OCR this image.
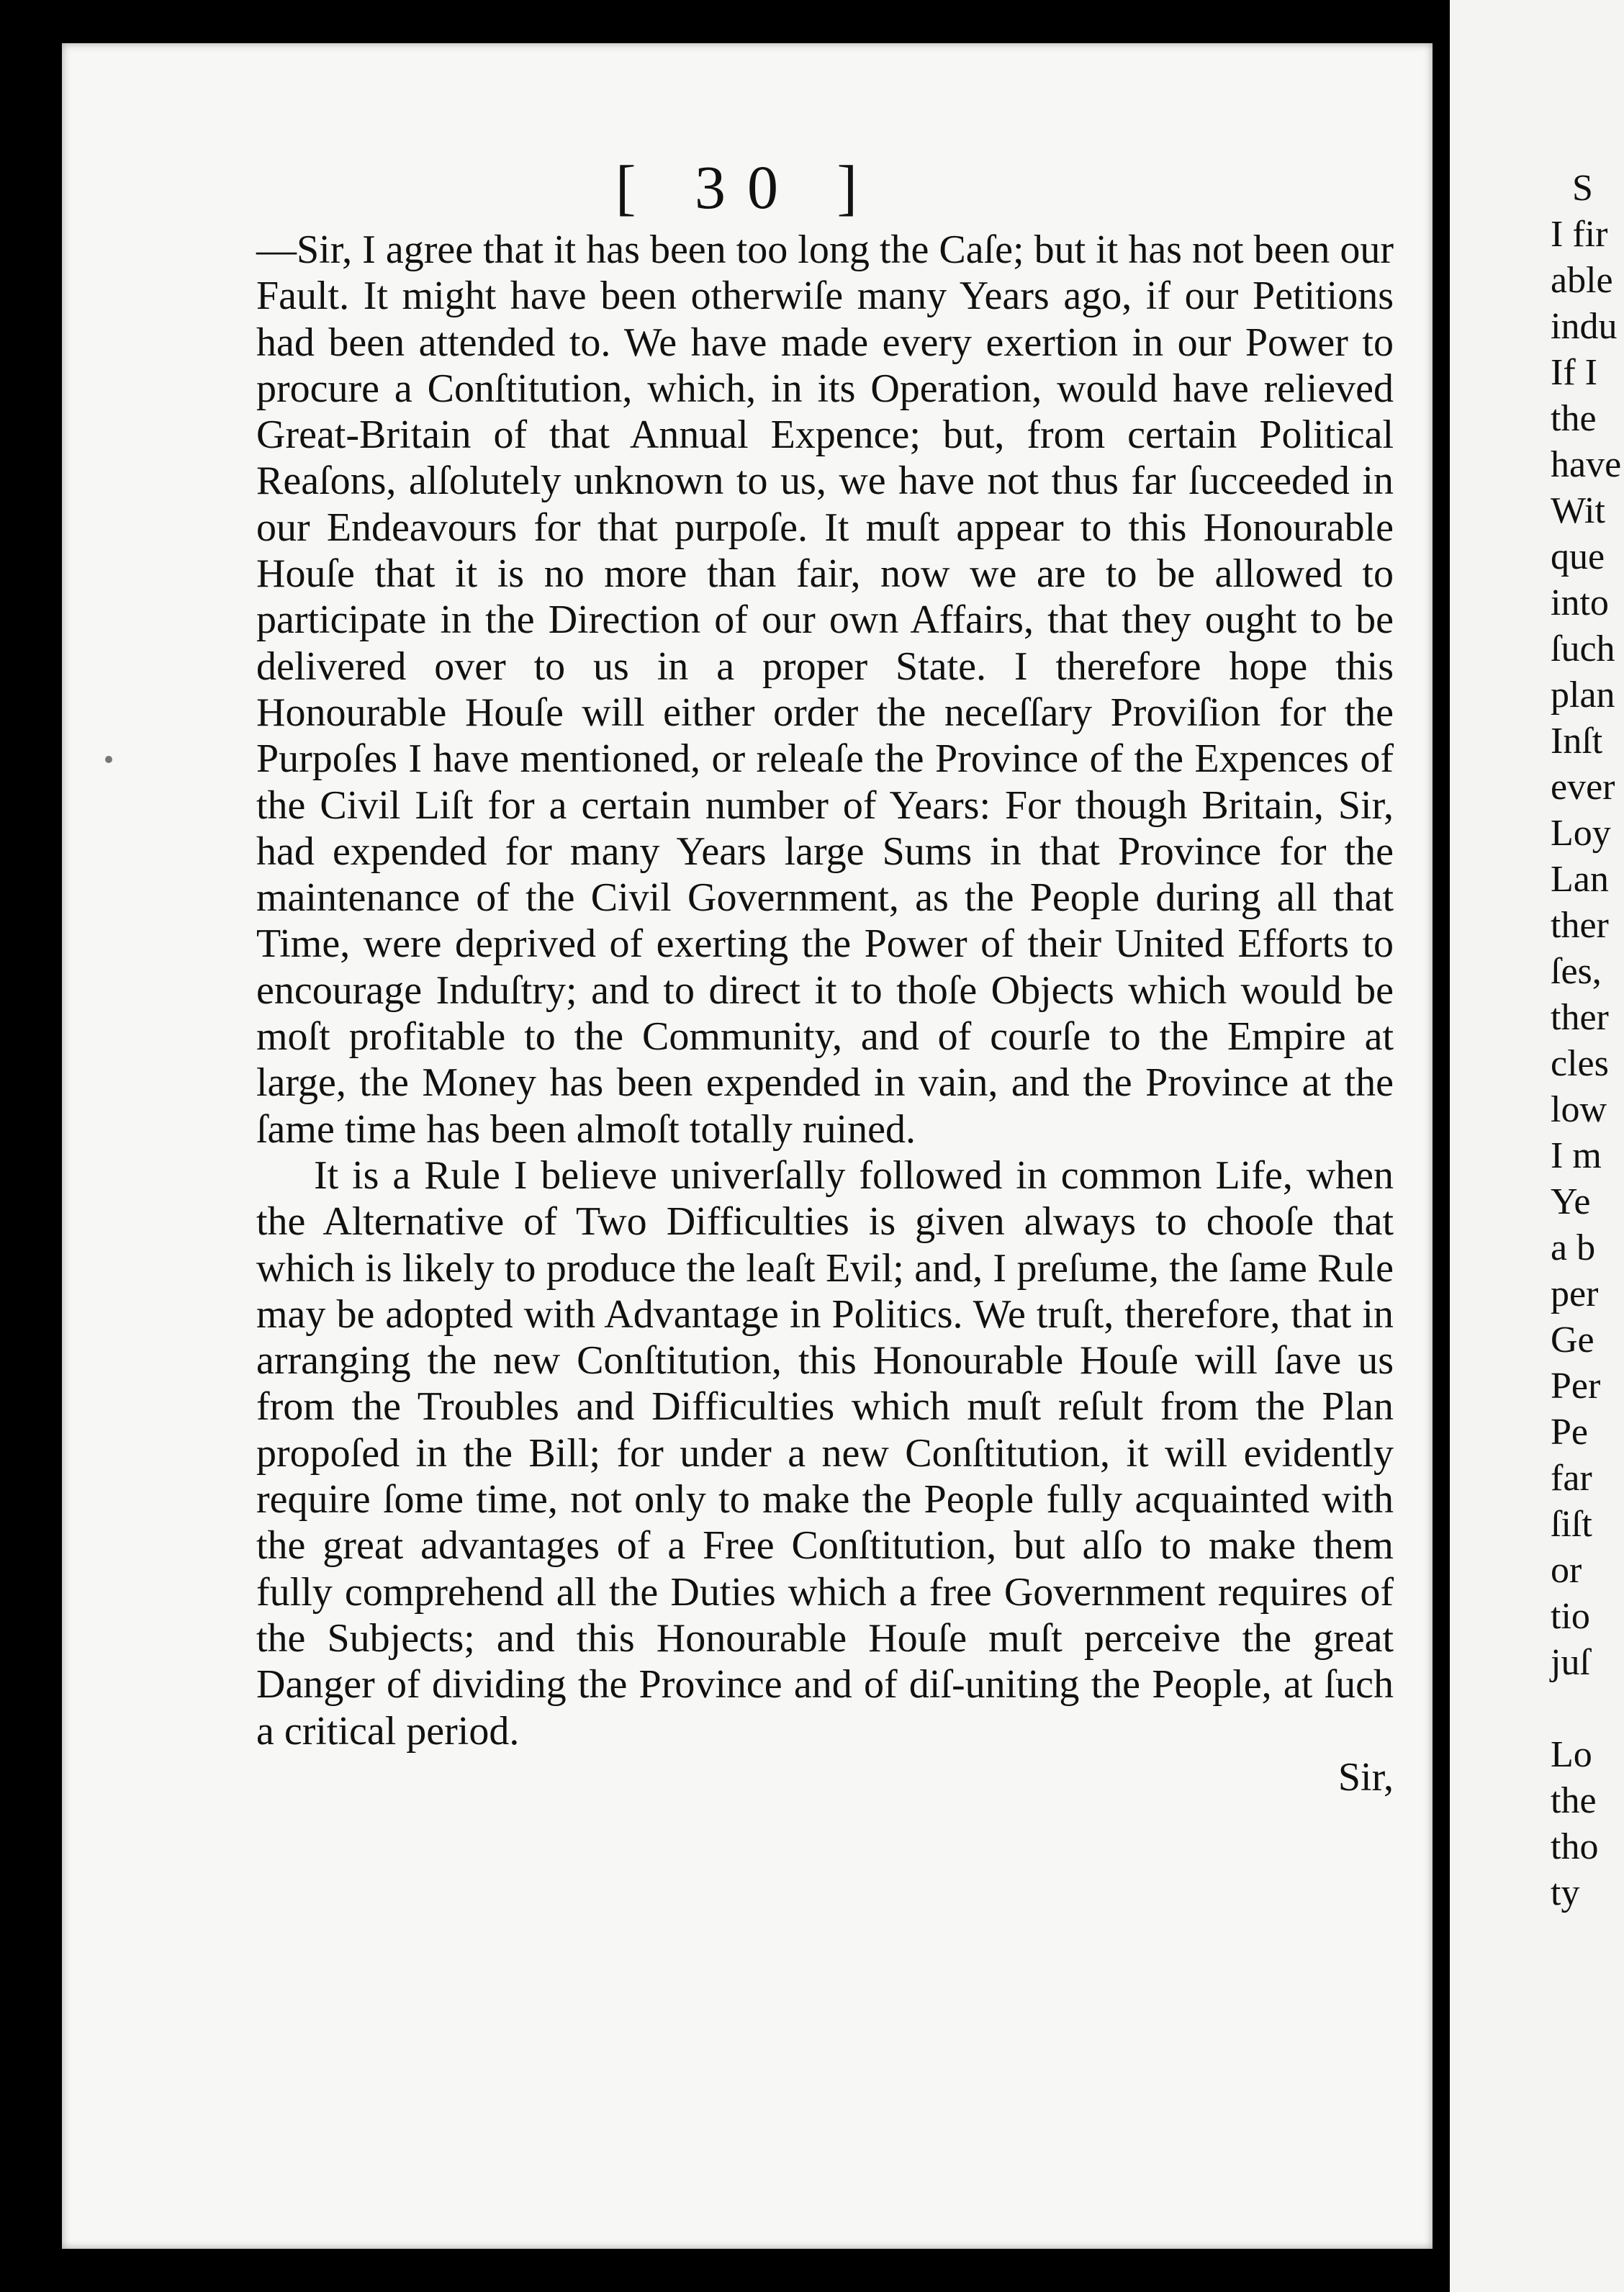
[ 30 ]

—Sir, I agree that it has been too long the Caſe; but it has not been our Fault. It might have been otherwiſe many Years ago, if our Petitions had been attended to. We have made every exertion in our Power to procure a Conſtitution, which, in its Operation, would have relieved Great-Britain of that Annual Expence; but, from certain Political Reaſons, alſolutely unknown to us, we have not thus far ſucceeded in our Endeavours for that purpoſe. It muſt appear to this Honourable Houſe that it is no more than fair, now we are to be allowed to participate in the Direction of our own Affairs, that they ought to be delivered over to us in a proper State. I therefore hope this Honourable Houſe will either order the neceſſary Proviſion for the Purpoſes I have mentioned, or releaſe the Province of the Expences of the Civil Liſt for a certain number of Years: For though Britain, Sir, had expended for many Years large Sums in that Province for the maintenance of the Civil Government, as the People during all that Time, were deprived of exerting the Power of their United Efforts to encourage Induſtry; and to direct it to thoſe Objects which would be moſt profitable to the Community, and of courſe to the Empire at large, the Money has been expended in vain, and the Province at the ſame time has been almoſt totally ruined.

It is a Rule I believe univerſally followed in common Life, when the Alternative of Two Difficulties is given always to chooſe that which is likely to produce the leaſt Evil; and, I preſume, the ſame Rule may be adopted with Advantage in Politics. We truſt, therefore, that in arranging the new Conſtitution, this Honourable Houſe will ſave us from the Troubles and Difficulties which muſt reſult from the Plan propoſed in the Bill; for under a new Conſtitution, it will evidently require ſome time, not only to make the People fully acquainted with the great advantages of a Free Conſtitution, but alſo to make them fully comprehend all the Duties which a free Government requires of the Subjects; and this Honourable Houſe muſt perceive the great Danger of dividing the Province and of diſ-uniting the People, at ſuch a critical period.

Sir,
S
I fir
able
indu
If I
the
have
Wit
que
into
ſuch
plan
Inſt
ever
Loy
Lan
ther
ſes,
ther
cles
low
I m
Ye
a b
per
Ge
Per
Pe
far
ſiſt
or
tio
juſ

Lo
the
tho
ty
